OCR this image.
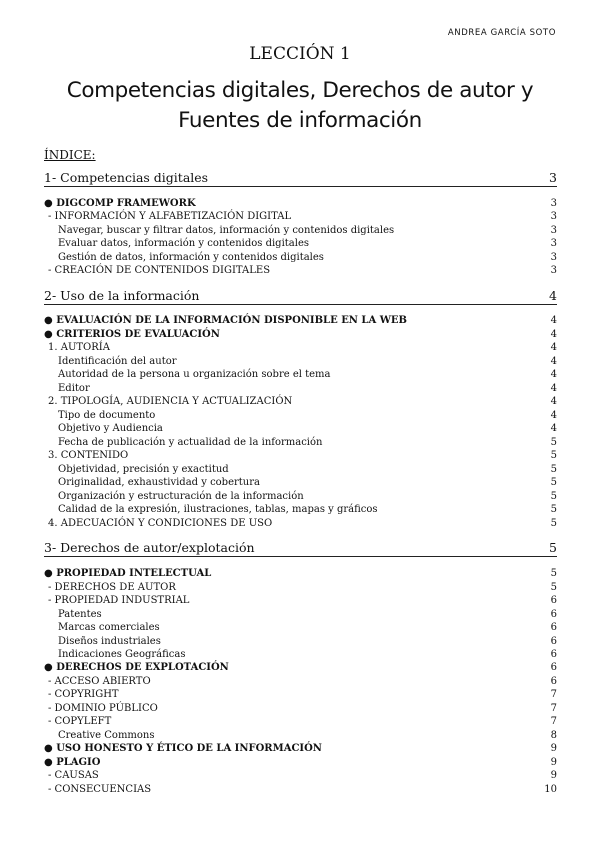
ANDREA GARCÍA SOTO
LECCIÓN 1
Competencias digitales, Derechos de autor y
Fuentes de información
ÍNDICE:
1- Competencias digitales	3
● DIGCOMP FRAMEWORK	3
- INFORMACIÓN Y ALFABETIZACIÓN DIGITAL	3
Navegar, buscar y filtrar datos, información y contenidos digitales	3
Evaluar datos, información y contenidos digitales	3
Gestión de datos, información y contenidos digitales	3
- CREACIÓN DE CONTENIDOS DIGITALES	3
2- Uso de la información	4
● EVALUACIÓN DE LA INFORMACIÓN DISPONIBLE EN LA WEB	4
● CRITERIOS DE EVALUACIÓN	4
1. AUTORÍA	4
Identificación del autor	4
Autoridad de la persona u organización sobre el tema	4
Editor	4
2. TIPOLOGÍA, AUDIENCIA Y ACTUALIZACIÓN	4
Tipo de documento	4
Objetivo y Audiencia	4
Fecha de publicación y actualidad de la información	5
3. CONTENIDO	5
Objetividad, precisión y exactitud	5
Originalidad, exhaustividad y cobertura	5
Organización y estructuración de la información	5
Calidad de la expresión, ilustraciones, tablas, mapas y gráficos	5
4. ADECUACIÓN Y CONDICIONES DE USO	5
3- Derechos de autor/explotación	5
● PROPIEDAD INTELECTUAL	5
- DERECHOS DE AUTOR	5
- PROPIEDAD INDUSTRIAL	6
Patentes	6
Marcas comerciales	6
Diseños industriales	6
Indicaciones Geográficas	6
● DERECHOS DE EXPLOTACIÓN	6
- ACCESO ABIERTO	6
- COPYRIGHT	7
- DOMINIO PÚBLICO	7
- COPYLEFT	7
Creative Commons	8
● USO HONESTO Y ÉTICO DE LA INFORMACIÓN	9
● PLAGIO	9
- CAUSAS	9
- CONSECUENCIAS	10
